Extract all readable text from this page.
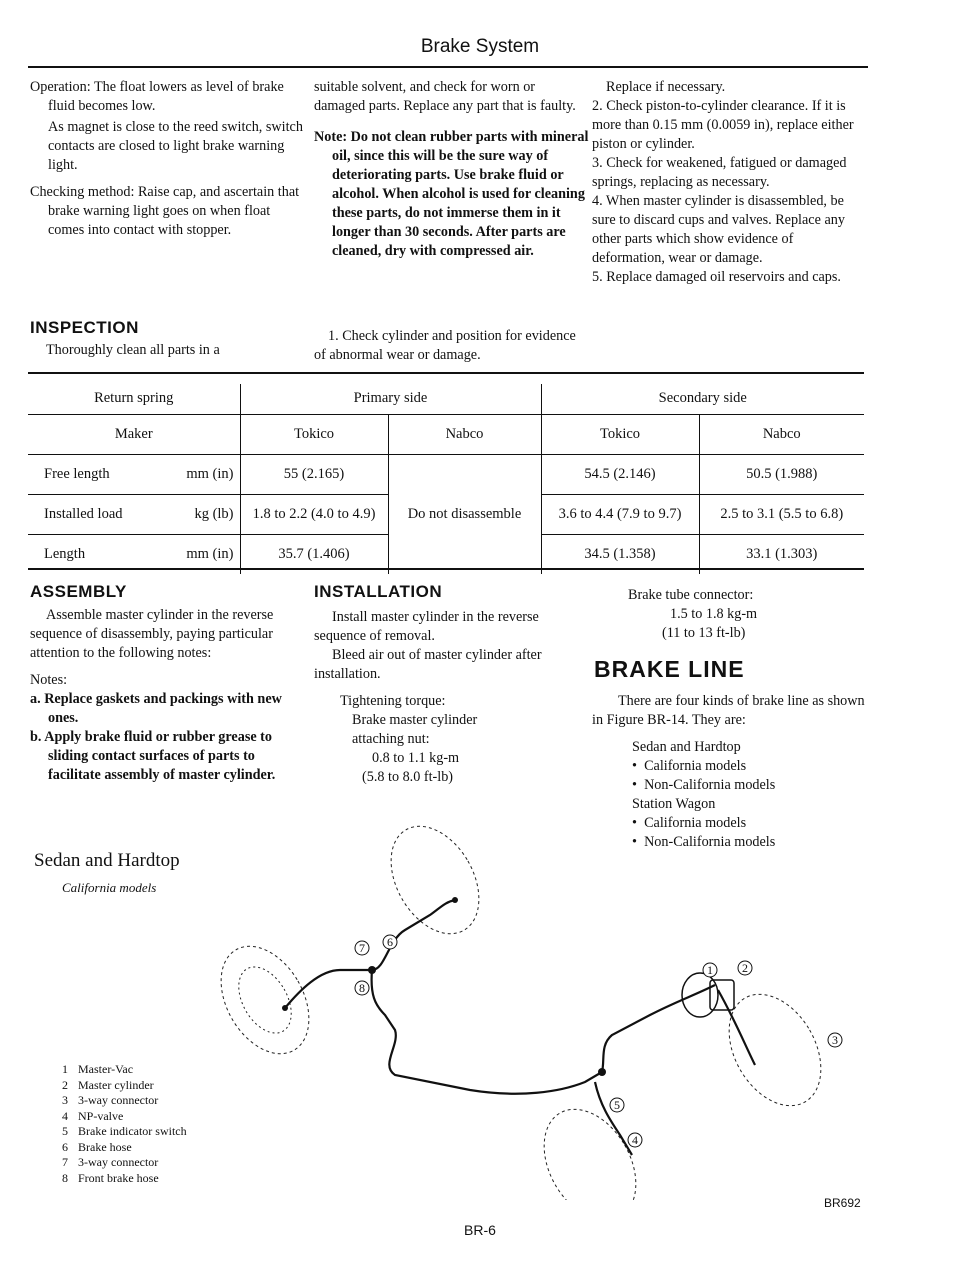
Brake System

Operation: The float lowers as level of brake fluid becomes low.

As magnet is close to the reed switch, switch contacts are closed to light brake warning light.

Checking method: Raise cap, and ascertain that brake warning light goes on when float comes into contact with stopper.

INSPECTION
Thoroughly clean all parts in a

suitable solvent, and check for worn or damaged parts. Replace any part that is faulty.

Note: Do not clean rubber parts with mineral oil, since this will be the sure way of deteriorating parts. Use brake fluid or alcohol. When alcohol is used for cleaning these parts, do not immerse them in it longer than 30 seconds. After parts are cleaned, dry with compressed air.

1. Check cylinder and position for evidence of abnormal wear or damage.

Replace if necessary.

2. Check piston-to-cylinder clearance. If it is more than 0.15 mm (0.0059 in), replace either piston or cylinder.

3. Check for weakened, fatigued or damaged springs, replacing as necessary.

4. When master cylinder is disassembled, be sure to discard cups and valves. Replace any other parts which show evidence of deformation, wear or damage.

5. Replace damaged oil reservoirs and caps.

Return spring	Primary side		Secondary side	
Maker	Tokico	Nabco	Tokico	Nabco
Free length mm (in)	55 (2.165)	Do not disassemble	54.5 (2.146)	50.5 (1.988)
Installed load kg (lb)	1.8 to 2.2 (4.0 to 4.9)		3.6 to 4.4 (7.9 to 9.7)	2.5 to 3.1 (5.5 to 6.8)
Length mm (in)	35.7 (1.406)		34.5 (1.358)	33.1 (1.303)
ASSEMBLY

Assemble master cylinder in the reverse sequence of disassembly, paying particular attention to the following notes:

Notes:

a. Replace gaskets and packings with new ones.

b. Apply brake fluid or rubber grease to sliding contact surfaces of parts to facilitate assembly of master cylinder.

INSTALLATION

Install master cylinder in the reverse sequence of removal.

Bleed air out of master cylinder after installation.

Tightening torque:
Brake master cylinder
attaching nut:
0.8 to 1.1 kg-m
(5.8 to 8.0 ft-lb)
Brake tube connector:
1.5 to 1.8 kg-m
(11 to 13 ft-lb)
BRAKE LINE

There are four kinds of brake line as shown in Figure BR-14. They are:

Sedan and Hardtop
•  California models
•  Non-California models
Station Wagon
•  California models
•  Non-California models
Sedan and Hardtop
California models
1 2
3
4
5
6
7
8
1 Master-Vac
2 Master cylinder
3 3-way connector
4 NP-valve
5 Brake indicator switch
6 Brake hose
7 3-way connector
8 Front brake hose
BR692
BR-6
